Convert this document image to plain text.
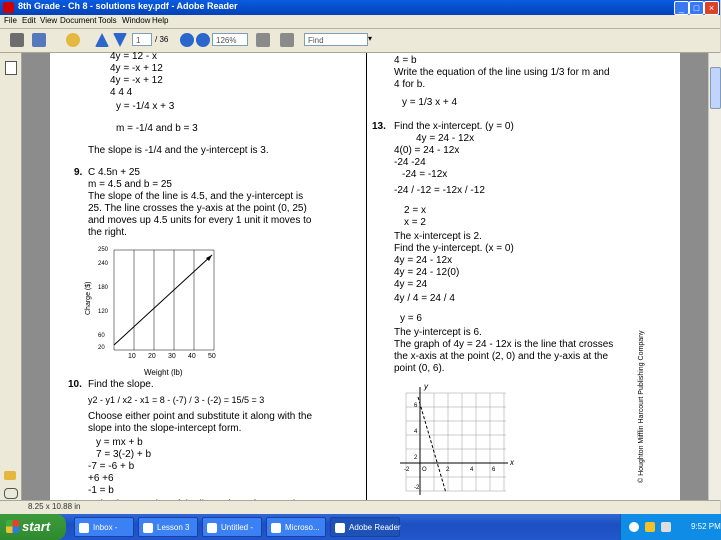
8th Grade - Ch 8 - solutions key.pdf - Adobe Reader	_	□	×
File Edit View Document Tools Window Help
1	/ 36	126%	Find	▾
4y = 12 - x
4y = -x + 12
4y = -x + 12
4 4 4
y = -1/4 x + 3
m = -1/4 and b = 3
The slope is -1/4 and the y-intercept is 3.
9. C 4.5n + 25
m = 4.5 and b = 25
The slope of the line is 4.5, and the y-intercept is
25. The line crosses the y-axis at the point (0, 25)
and moves up 4.5 units for every 1 unit it moves to
the right.
Charge ($)
Weight (lb)
10 20 30 40 50
250
240
180
120
60
20
10. Find the slope.
y2 - y1 / x2 - x1 = 8 - (-7) / 3 - (-2) = 15/5 = 3
Choose either point and substitute it along with the
slope into the slope-intercept form.
y = mx + b
7 = 3(-2) + b
-7 = -6 + b
+6 +6
-1 = b
4 = b
Write the equation of the line using 1/3 for m and
4 for b.
y = 1/3 x + 4
13. Find the x-intercept. (y = 0)
4y = 24 - 12x
4(0) = 24 - 12x
-24 -24
-24 = -12x
-24 / -12 = -12x / -12
2 = x
x = 2
The x-intercept is 2.
Find the y-intercept. (x = 0)
4y = 24 - 12x
4y = 24 - 12(0)
4y = 24
4y / 4 = 24 / 4
y = 6
The y-intercept is 6.
The graph of 4y = 24 - 12x is the line that crosses
the x-axis at the point (2, 0) and the y-axis at the
point (0, 6).
y
x
6
4
2
-2
-2 O	2	4	6	© Houghton Mifflin Harcourt Publishing Company
8.25 x 10.88 in
start	Inbox -	Lesson 3	Untitled -	Microso...	Adobe Reader	9:52 PM
